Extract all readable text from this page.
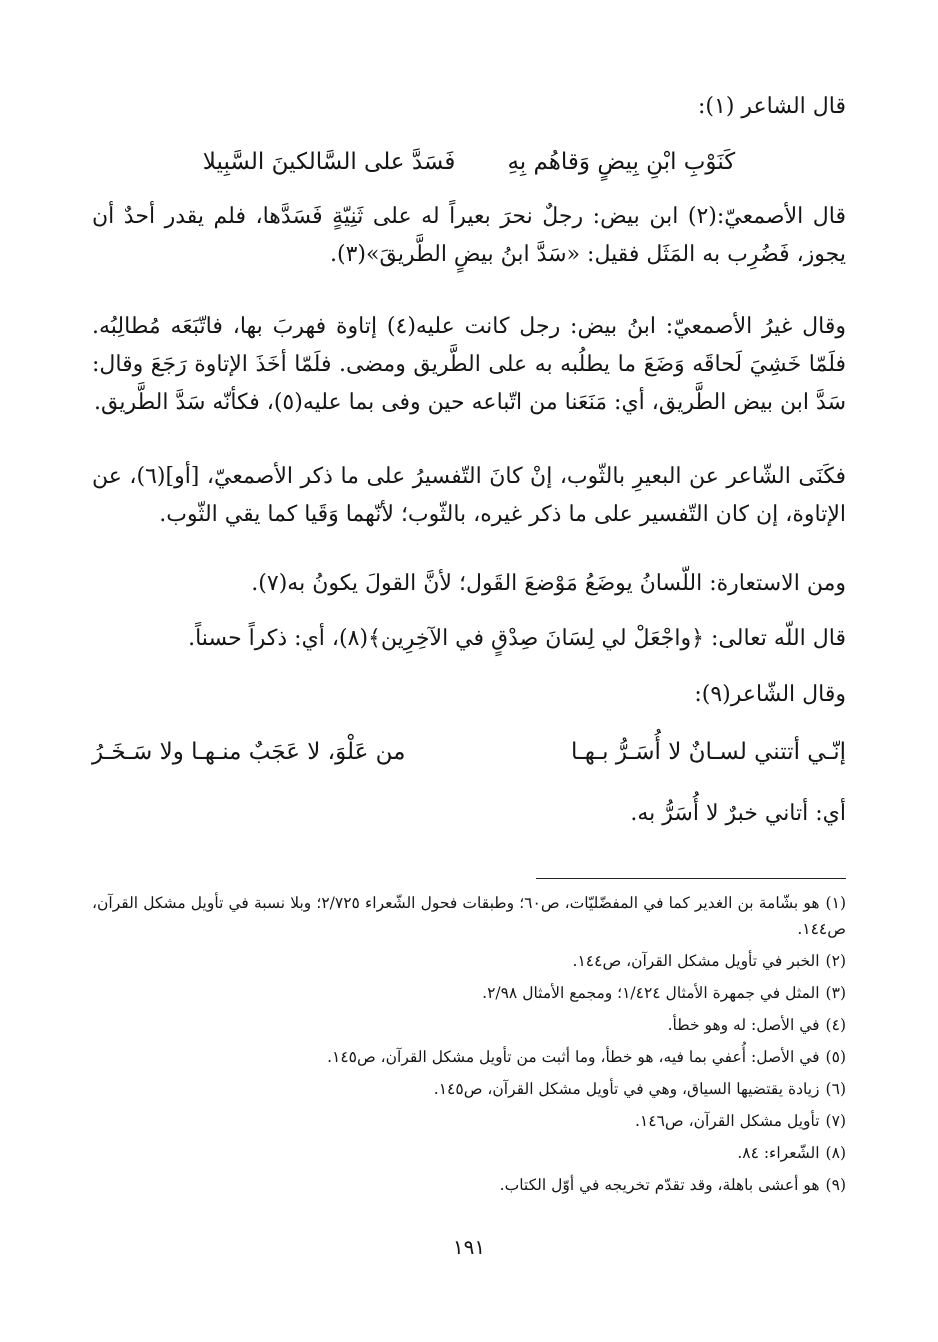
قال الشاعر (١):

كَنَوْبِ ابْنِ بِيضٍ وَقاهُم بِهِ
فَسَدَّ على السَّالكينَ السَّبِيلا

قال الأصمعيّ:(٢) ابن بيض: رجلٌ نحرَ بعيراً له على ثَنِيّةٍ فَسَدَّها، فلم يقدر أحدٌ أن يجوز، فَضُرِب به المَثَل فقيل: «سَدَّ ابنُ بيضٍ الطَّريقَ»(٣).

وقال غيرُ الأصمعيّ: ابنُ بيض: رجل كانت عليه(٤) إتاوة فهربَ بها، فاتّبَعَه مُطالِبُه. فلَمّا خَشِيَ لَحاقَه وَضَعَ ما يطلُبه به على الطَّريق ومضى. فلَمّا أخَذَ الإتاوة رَجَعَ وقال: سَدَّ ابن بيض الطَّريق، أي: مَنَعَنا من اتّباعه حين وفى بما عليه(٥)، فكأنّه سَدَّ الطَّريق.

فكَنَى الشّاعر عن البعيرِ بالثّوب، إنْ كانَ التّفسيرُ على ما ذكر الأصمعيّ، [أو](٦)، عن الإتاوة، إن كان التّفسير على ما ذكر غيره، بالثّوب؛ لأنّهما وَقَيا كما يقي الثّوب.

ومن الاستعارة: اللّسانُ يوضَعُ مَوْضعَ القَول؛ لأنَّ القولَ يكونُ به(٧).

قال اللّه تعالى: ﴿واجْعَلْ لي لِسَانَ صِدْقٍ في الآخِرِين﴾(٨)، أي: ذكراً حسناً.

وقال الشّاعر(٩):

إنّـي أتتني لسـانٌ لا أُسَـرُّ بـهـا
من عَلْوَ، لا عَجَبٌ منـهـا ولا سَـخَـرُ

أي: أتاني خبرٌ لا أُسَرُّ به.

(١)هو بشّامة بن الغدير كما في المفضّليّات، ص٦٠؛ وطبقات فحول الشّعراء ٢/٧٢٥؛ وبلا نسبة في تأويل مشكل القرآن، ص١٤٤.
(٢)الخبر في تأويل مشكل القرآن، ص١٤٤.
(٣)المثل في جمهرة الأمثال ١/٤٢٤؛ ومجمع الأمثال ٢/٩٨.
(٤)في الأصل: له وهو خطأ.
(٥)في الأصل: أُعفي بما فيه، هو خطأ، وما أثبت من تأويل مشكل القرآن، ص١٤٥.
(٦)زيادة يقتضيها السياق، وهي في تأويل مشكل القرآن، ص١٤٥.
(٧)تأويل مشكل القرآن، ص١٤٦.
(٨)الشّعراء: ٨٤.
(٩)هو أعشى باهلة، وقد تقدّم تخريجه في أوّل الكتاب.
١٩١
